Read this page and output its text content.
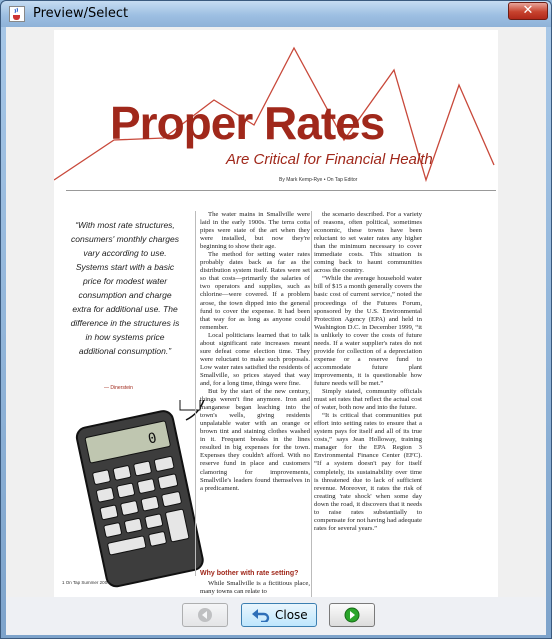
Preview/Select	✕
Proper Rates
Are Critical for Financial Health
By Mark Kemp-Rye • On Tap Editor
“With most rate structures, consumers' monthly charges vary according to use. Systems start with a basic price for modest water consumption and charge extra for additional use. The difference in the structures is in how systems price additional consumption.”
— Dinerstein
0

The water mains in Smallville were laid in the early 1900s. The terra cotta pipes were state of the art when they were installed, but now they're beginning to show their age.

The method for setting water rates probably dates back as far as the distribution system itself. Rates were set so that costs—primarily the salaries of two operators and supplies, such as chlorine—were covered. If a problem arose, the town dipped into the general fund to cover the expense. It had been that way for as long as anyone could remember.

Local politicians learned that to talk about significant rate increases meant sure defeat come election time. They were reluctant to make such proposals. Low water rates satisfied the residents of Smallville, so prices stayed that way and, for a long time, things were fine.

But by the start of the new century, things weren't fine anymore. Iron and manganese began leaching into the town's wells, giving residents unpalatable water with an orange or brown tint and staining clothes washed in it. Frequent breaks in the lines resulted in big expenses for the town. Expenses they couldn't afford. With no reserve fund in place and customers clamoring for improvements, Smallville's leaders found themselves in a predicament.

Why bother with rate setting?

While Smallville is a fictitious place, many towns can relate to

the scenario described. For a variety of reasons, often political, sometimes economic, these towns have been reluctant to set water rates any higher than the minimum necessary to cover immediate costs. This situation is coming back to haunt communities across the country.

“While the average household water bill of $15 a month generally covers the basic cost of current service,” noted the proceedings of the Futures Forum, sponsored by the U.S. Environmental Protection Agency (EPA) and held in Washington D.C. in December 1999, “it is unlikely to cover the costs of future needs. If a water supplier's rates do not provide for collection of a depreciation expense or a reserve fund to accommodate future plant improvements, it is questionable how future needs will be met.”

Simply stated, community officials must set rates that reflect the actual cost of water, both now and into the future.

“It is critical that communities put effort into setting rates to ensure that a system pays for itself and all of its true costs,” says Jean Holloway, training manager for the EPA Region 3 Environmental Finance Center (EFC). “If a system doesn't pay for itself completely, its sustainability over time is threatened due to lack of sufficient revenue. Moreover, it rates the risk of creating 'rate shock' when some day down the road, it discovers that it needs to raise rates substantially to compensate for not having had adequate rates for several years.”

1 On Tap Summer 2004
Close
